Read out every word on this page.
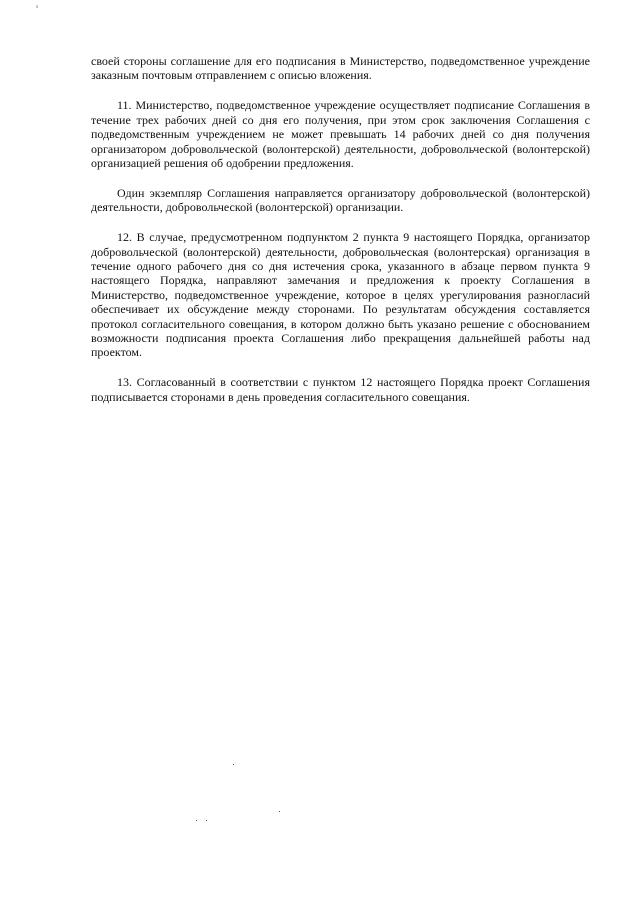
s

своей стороны соглашение для его подписания в Министерство, подведомственное учреждение заказным почтовым отправлением с описью вложения.

11. Министерство, подведомственное учреждение осуществляет подписание Соглашения в течение трех рабочих дней со дня его получения, при этом срок заключения Соглашения с подведомственным учреждением не может превышать 14 рабочих дней со дня получения организатором добровольческой (волонтерской) деятельности, добровольческой (волонтерской) организацией решения об одобрении предложения.

Один экземпляр Соглашения направляется организатору добровольческой (волонтерской) деятельности, добровольческой (волонтерской) организации.

12. В случае, предусмотренном подпунктом 2 пункта 9 настоящего Порядка, организатор добровольческой (волонтерской) деятельности, добровольческая (волонтерская) организация в течение одного рабочего дня со дня истечения срока, указанного в абзаце первом пункта 9 настоящего Порядка, направляют замечания и предложения к проекту Соглашения в Министерство, подведомственное учреждение, которое в целях урегулирования разногласий обеспечивает их обсуждение между сторонами. По результатам обсуждения составляется протокол согласительного совещания, в котором должно быть указано решение с обоснованием возможности подписания проекта Соглашения либо прекращения дальнейшей работы над проектом.

13. Согласованный в соответствии с пунктом 12 настоящего Порядка проект Соглашения подписывается сторонами в день проведения согласительного совещания.
